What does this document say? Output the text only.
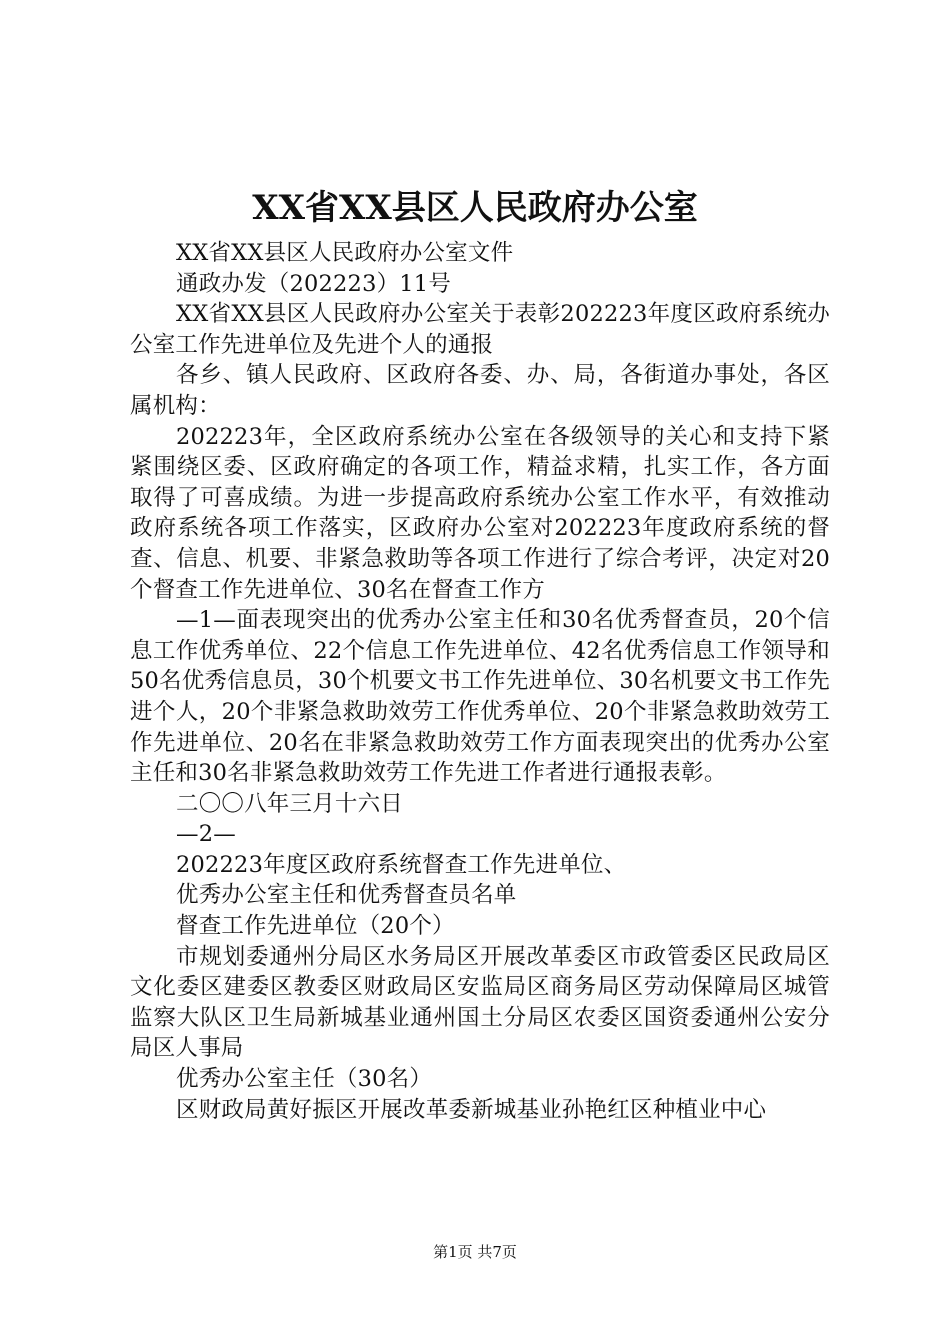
XX省XX县区人民政府办公室

XX省XX县区人民政府办公室文件

通政办发（202223）11号

XX省XX县区人民政府办公室关于表彰202223年度区政府系统办公室工作先进单位及先进个人的通报

各乡、镇人民政府、区政府各委、办、局，各街道办事处，各区属机构：

202223年，全区政府系统办公室在各级领导的关心和支持下紧紧围绕区委、区政府确定的各项工作，精益求精，扎实工作，各方面取得了可喜成绩。为进一步提高政府系统办公室工作水平，有效推动政府系统各项工作落实，区政府办公室对202223年度政府系统的督查、信息、机要、非紧急救助等各项工作进行了综合考评，决定对20个督查工作先进单位、30名在督查工作方

—1—面表现突出的优秀办公室主任和30名优秀督查员，20个信息工作优秀单位、22个信息工作先进单位、42名优秀信息工作领导和50名优秀信息员，30个机要文书工作先进单位、30名机要文书工作先进个人，20个非紧急救助效劳工作优秀单位、20个非紧急救助效劳工作先进单位、20名在非紧急救助效劳工作方面表现突出的优秀办公室主任和30名非紧急救助效劳工作先进工作者进行通报表彰。

二〇〇八年三月十六日

—2—

202223年度区政府系统督查工作先进单位、

优秀办公室主任和优秀督查员名单

督查工作先进单位（20个）

市规划委通州分局区水务局区开展改革委区市政管委区民政局区文化委区建委区教委区财政局区安监局区商务局区劳动保障局区城管监察大队区卫生局新城基业通州国土分局区农委区国资委通州公安分局区人事局

优秀办公室主任（30名）

区财政局黄好振区开展改革委新城基业孙艳红区种植业中心

第1页 共7页
